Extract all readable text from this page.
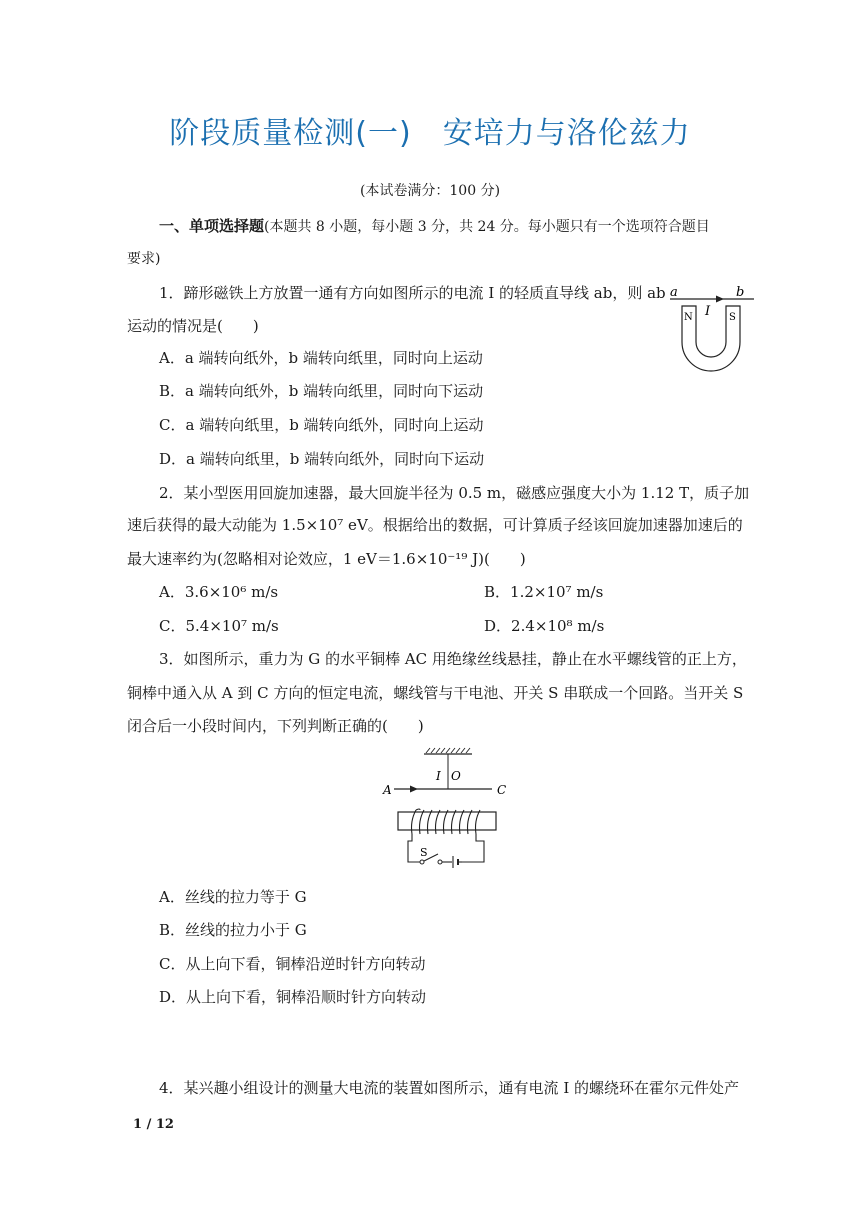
阶段质量检测(一)　安培力与洛伦兹力
(本试卷满分：100 分)
一、单项选择题(本题共 8 小题，每小题 3 分，共 24 分。每小题只有一个选项符合题目
要求)
1．蹄形磁铁上方放置一通有方向如图所示的电流 I 的轻质直导线 ab，则 ab
运动的情况是(　　)
A．a 端转向纸外，b 端转向纸里，同时向上运动
B．a 端转向纸外，b 端转向纸里，同时向下运动
C．a 端转向纸里，b 端转向纸外，同时向上运动
D．a 端转向纸里，b 端转向纸外，同时向下运动
a	b
I
N	S
2．某小型医用回旋加速器，最大回旋半径为 0.5 m，磁感应强度大小为 1.12 T，质子加
速后获得的最大动能为 1.5×10⁷ eV。根据给出的数据，可计算质子经该回旋加速器加速后的
最大速率约为(忽略相对论效应，1 eV＝1.6×10⁻¹⁹ J)(　　)
A．3.6×10⁶ m/s	B．1.2×10⁷ m/s
C．5.4×10⁷ m/s	D．2.4×10⁸ m/s
3．如图所示，重力为 G 的水平铜棒 AC 用绝缘丝线悬挂，静止在水平螺线管的正上方，
铜棒中通入从 A 到 C 方向的恒定电流，螺线管与干电池、开关 S 串联成一个回路。当开关 S
闭合后一小段时间内，下列判断正确的(　　)
I O
A	C
S
A．丝线的拉力等于 G
B．丝线的拉力小于 G
C．从上向下看，铜棒沿逆时针方向转动
D．从上向下看，铜棒沿顺时针方向转动
4．某兴趣小组设计的测量大电流的装置如图所示，通有电流 I 的螺绕环在霍尔元件处产
1 / 12
